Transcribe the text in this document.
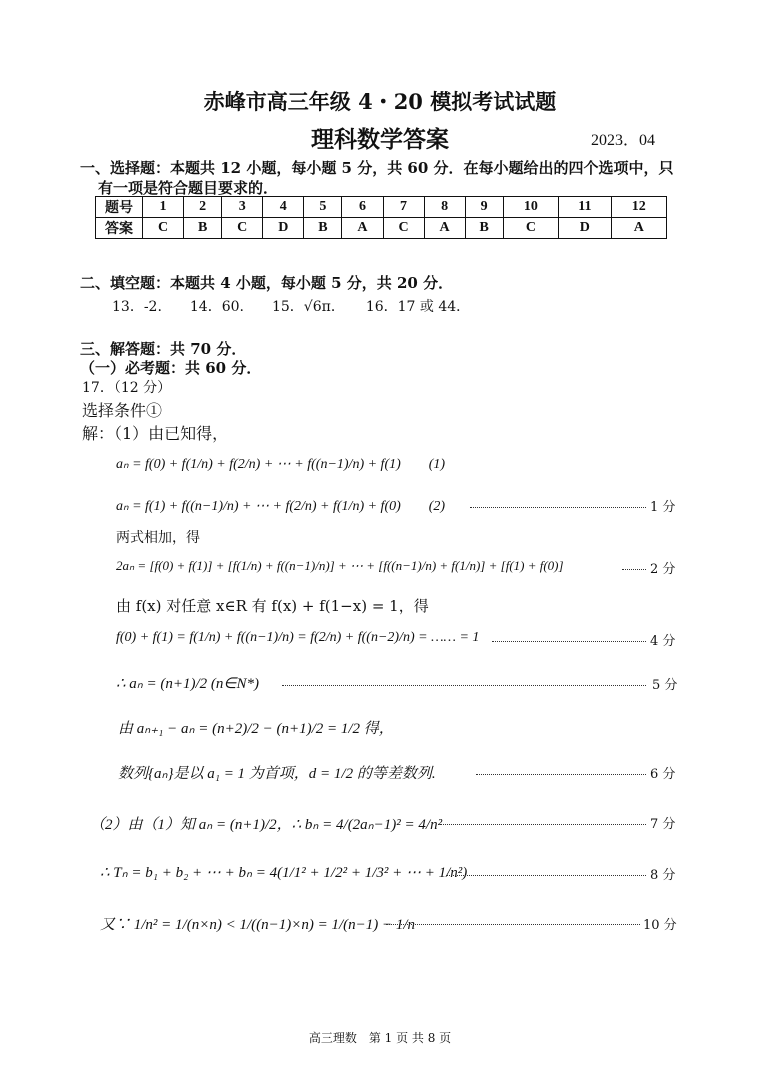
赤峰市高三年级 4・20 模拟考试试题
理科数学答案	2023．04
一、选择题：本题共 12 小题，每小题 5 分，共 60 分．在每小题给出的四个选项中，只
有一项是符合题目要求的．
题号	1	2	3	4	5	6	7	8	9	10	11	12
答案	C	B	C	D	B	A	C	A	B	C	D	A
二、填空题：本题共 4 小题，每小题 5 分，共 20 分．
13．-2.　　14．60.　　15．√6π．　　16．17 或 44．
三、解答题：共 70 分．
（一）必考题：共 60 分．
17．（12 分）
选择条件①
解：（1）由已知得，
aₙ = f(0) + f(1/n) + f(2/n) + ⋯ + f((n−1)/n) + f(1)　　(1)
aₙ = f(1) + f((n−1)/n) + ⋯ + f(2/n) + f(1/n) + f(0)　　(2)	1 分
两式相加，得
2aₙ = [f(0) + f(1)] + [f(1/n) + f((n−1)/n)] + ⋯ + [f((n−1)/n) + f(1/n)] + [f(1) + f(0)]	2 分
由 f(x) 对任意 x∈R 有 f(x) + f(1−x) = 1，得
f(0) + f(1) = f(1/n) + f((n−1)/n) = f(2/n) + f((n−2)/n) = …… = 1	4 分
∴ aₙ = (n+1)/2 (n∈N*)	5 分
由 aₙ₊₁ − aₙ = (n+2)/2 − (n+1)/2 = 1/2 得，
数列{aₙ}是以 a₁ = 1 为首项，d = 1/2 的等差数列.	6 分
（2）由（1）知 aₙ = (n+1)/2，∴ bₙ = 4/(2aₙ−1)² = 4/n²	7 分
∴ Tₙ = b₁ + b₂ + ⋯ + bₙ = 4(1/1² + 1/2² + 1/3² + ⋯ + 1/n²)	8 分
又∵ 1/n² = 1/(n×n) < 1/((n−1)×n) = 1/(n−1) − 1/n	10 分
高三理数　第 1 页 共 8 页
